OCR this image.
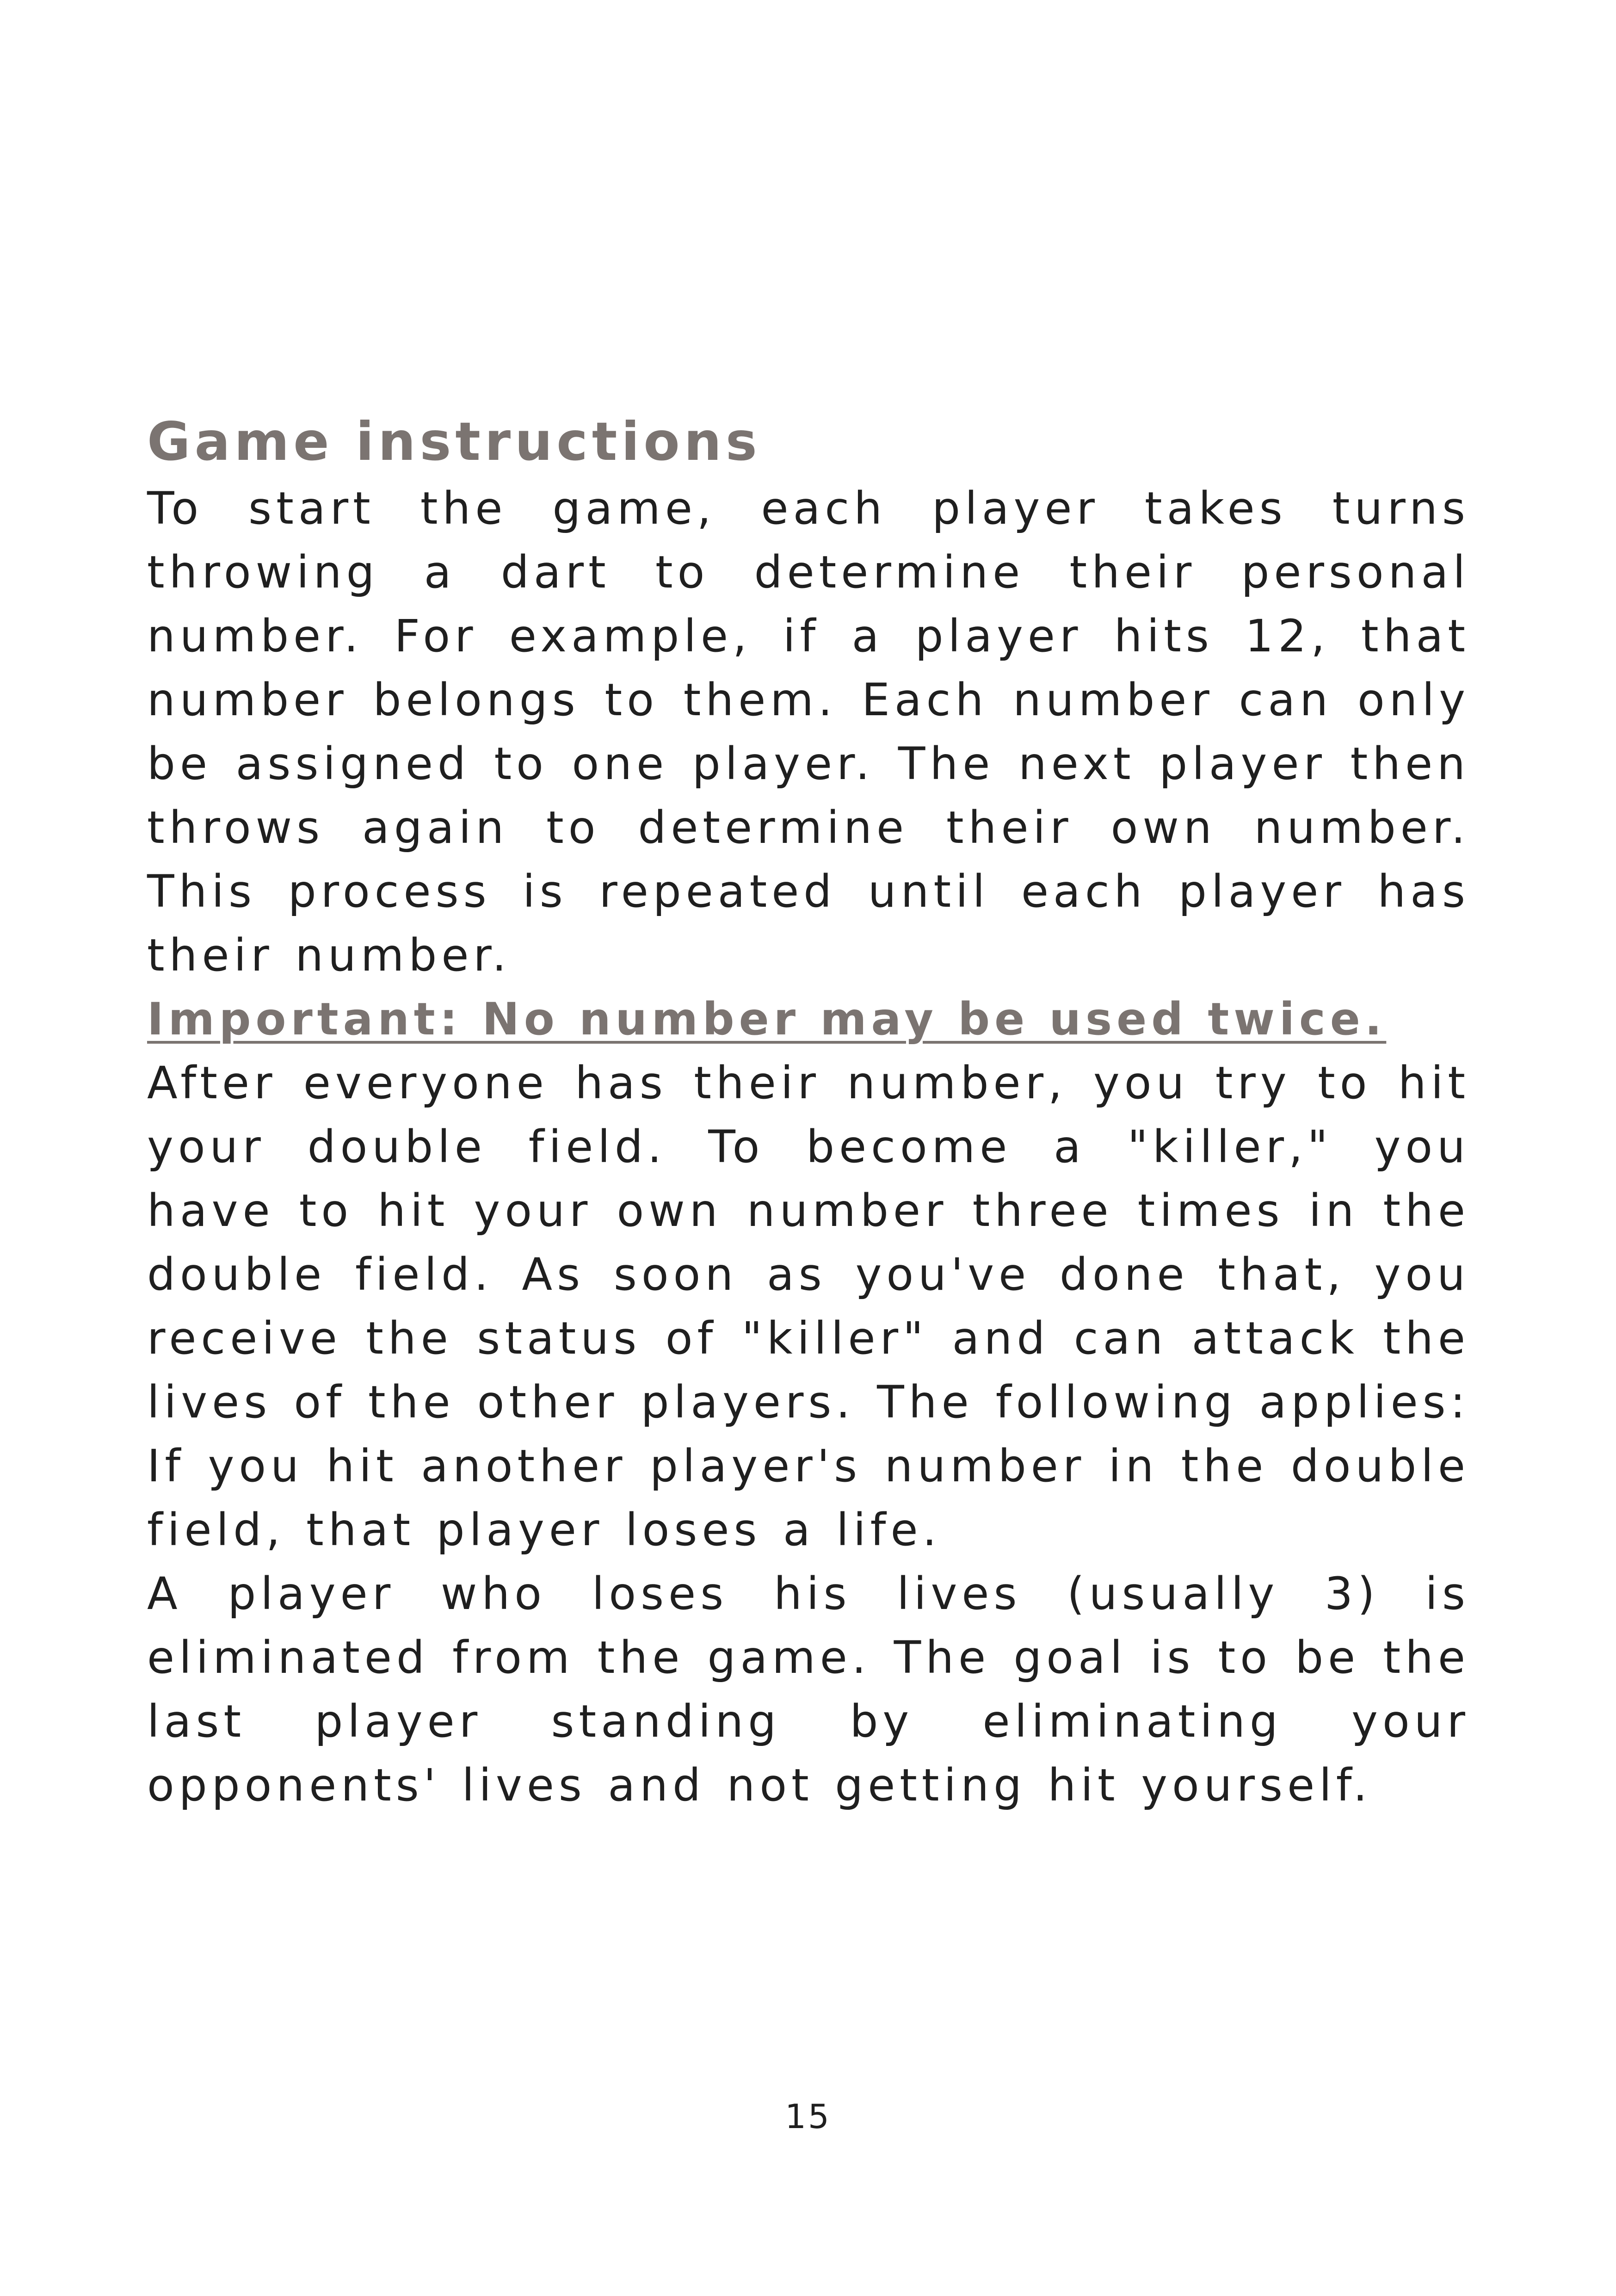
Game instructions

To start the game, each player takes turns throwing a dart to determine their personal number. For example, if a player hits 12, that number belongs to them. Each number can only be assigned to one player. The next player then throws again to determine their own number. This process is repeated until each player has their number.

Important: No number may be used twice.

After everyone has their number, you try to hit your double field. To become a "killer," you have to hit your own number three times in the double field. As soon as you've done that, you receive the status of "killer" and can attack the lives of the other players. The following applies: If you hit another player's number in the double field, that player loses a life.

A player who loses his lives (usually 3) is eliminated from the game. The goal is to be the last player standing by eliminating your opponents' lives and not getting hit yourself.

15
